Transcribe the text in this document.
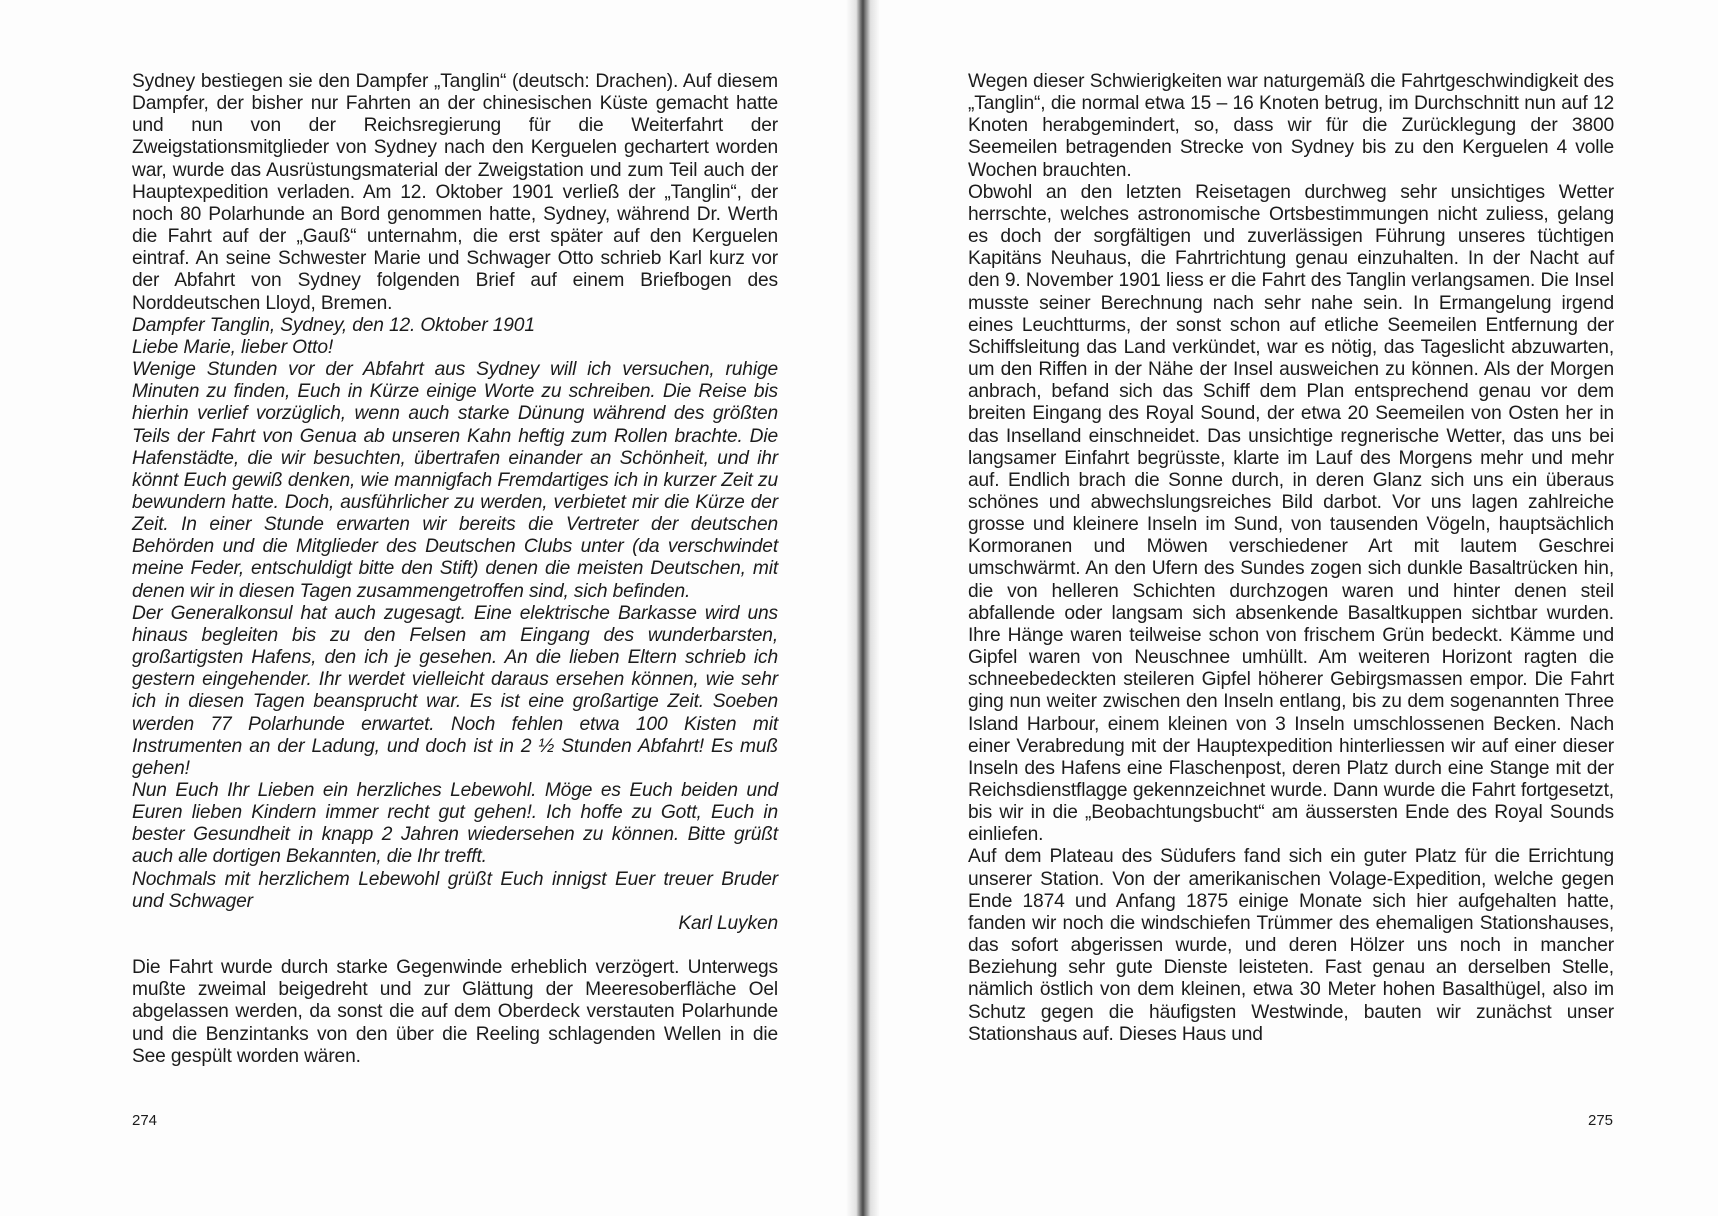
Sydney bestiegen sie den Dampfer „Tanglin“ (deutsch: Drachen). Auf diesem Dampfer, der bisher nur Fahrten an der chinesischen Küste gemacht hatte und nun von der Reichsregierung für die Weiterfahrt der Zweigstationsmitglieder von Sydney nach den Kerguelen gechartert worden war, wurde das Ausrüstungsmaterial der Zweigstation und zum Teil auch der Hauptexpedition verladen. Am 12. Oktober 1901 verließ der „Tanglin“, der noch 80 Polarhunde an Bord genommen hatte, Sydney, während Dr. Werth die Fahrt auf der „Gauß“ unternahm, die erst später auf den Kerguelen eintraf. An seine Schwester Marie und Schwager Otto schrieb Karl kurz vor der Abfahrt von Sydney folgenden Brief auf einem Briefbogen des Norddeutschen Lloyd, Bremen.

Dampfer Tanglin, Sydney, den 12. Oktober 1901

Liebe Marie, lieber Otto!

Wenige Stunden vor der Abfahrt aus Sydney will ich versuchen, ruhige Minuten zu finden, Euch in Kürze einige Worte zu schreiben. Die Reise bis hierhin verlief vorzüglich, wenn auch starke Dünung während des größten Teils der Fahrt von Genua ab unseren Kahn heftig zum Rollen brachte. Die Hafenstädte, die wir besuchten, übertrafen einander an Schönheit, und ihr könnt Euch gewiß denken, wie mannigfach Fremdartiges ich in kurzer Zeit zu bewundern hatte. Doch, ausführlicher zu werden, verbietet mir die Kürze der Zeit. In einer Stunde erwarten wir bereits die Vertreter der deutschen Behörden und die Mitglieder des Deutschen Clubs unter (da verschwindet meine Feder, entschuldigt bitte den Stift) denen die meisten Deutschen, mit denen wir in diesen Tagen zusammengetroffen sind, sich befinden.

Der Generalkonsul hat auch zugesagt. Eine elektrische Barkasse wird uns hinaus begleiten bis zu den Felsen am Eingang des wunderbarsten, großartigsten Hafens, den ich je gesehen. An die lieben Eltern schrieb ich gestern eingehender. Ihr werdet vielleicht daraus ersehen können, wie sehr ich in diesen Tagen beansprucht war. Es ist eine großartige Zeit. Soeben werden 77 Polarhunde erwartet. Noch fehlen etwa 100 Kisten mit Instrumenten an der Ladung, und doch ist in 2 ½ Stunden Abfahrt! Es muß gehen!

Nun Euch Ihr Lieben ein herzliches Lebewohl. Möge es Euch beiden und Euren lieben Kindern immer recht gut gehen!. Ich hoffe zu Gott, Euch in bester Gesundheit in knapp 2 Jahren wiedersehen zu können. Bitte grüßt auch alle dortigen Bekannten, die Ihr trefft.

Nochmals mit herzlichem Lebewohl grüßt Euch innigst Euer treuer Bruder und Schwager

Karl Luyken

Die Fahrt wurde durch starke Gegenwinde erheblich verzögert. Unterwegs mußte zweimal beigedreht und zur Glättung der Meeresoberfläche Oel abgelassen werden, da sonst die auf dem Oberdeck verstauten Polarhunde und die Benzintanks von den über die Reeling schlagenden Wellen in die See gespült worden wären.

274

Wegen dieser Schwierigkeiten war naturgemäß die Fahrtgeschwindigkeit des „Tanglin“, die normal etwa 15 – 16 Knoten betrug, im Durchschnitt nun auf 12 Knoten herabgemindert, so, dass wir für die Zurücklegung der 3800 Seemeilen betragenden Strecke von Sydney bis zu den Kerguelen 4 volle Wochen brauchten.

Obwohl an den letzten Reisetagen durchweg sehr unsichtiges Wetter herrschte, welches astronomische Ortsbestimmungen nicht zuliess, gelang es doch der sorgfältigen und zuverlässigen Führung unseres tüchtigen Kapitäns Neuhaus, die Fahrtrichtung genau einzuhalten. In der Nacht auf den 9. November 1901 liess er die Fahrt des Tanglin verlangsamen. Die Insel musste seiner Berechnung nach sehr nahe sein. In Ermangelung irgend eines Leuchtturms, der sonst schon auf etliche Seemeilen Entfernung der Schiffsleitung das Land verkündet, war es nötig, das Tageslicht abzuwarten, um den Riffen in der Nähe der Insel ausweichen zu können. Als der Morgen anbrach, befand sich das Schiff dem Plan entsprechend genau vor dem breiten Eingang des Royal Sound, der etwa 20 Seemeilen von Osten her in das Inselland einschneidet. Das unsichtige regnerische Wetter, das uns bei langsamer Einfahrt begrüsste, klarte im Lauf des Morgens mehr und mehr auf. Endlich brach die Sonne durch, in deren Glanz sich uns ein überaus schönes und abwechslungsreiches Bild darbot. Vor uns lagen zahlreiche grosse und kleinere Inseln im Sund, von tausenden Vögeln, hauptsächlich Kormoranen und Möwen verschiedener Art mit lautem Geschrei umschwärmt. An den Ufern des Sundes zogen sich dunkle Basaltrücken hin, die von helleren Schichten durchzogen waren und hinter denen steil abfallende oder langsam sich absenkende Basaltkuppen sichtbar wurden. Ihre Hänge waren teilweise schon von frischem Grün bedeckt. Kämme und Gipfel waren von Neuschnee umhüllt. Am weiteren Horizont ragten die schneebedeckten steileren Gipfel höherer Gebirgsmassen empor. Die Fahrt ging nun weiter zwischen den Inseln entlang, bis zu dem sogenannten Three Island Harbour, einem kleinen von 3 Inseln umschlossenen Becken. Nach einer Verabredung mit der Hauptexpedition hinterliessen wir auf einer dieser Inseln des Hafens eine Flaschenpost, deren Platz durch eine Stange mit der Reichsdienstflagge gekennzeichnet wurde. Dann wurde die Fahrt fortgesetzt, bis wir in die „Beobachtungsbucht“ am äussersten Ende des Royal Sounds einliefen.

Auf dem Plateau des Südufers fand sich ein guter Platz für die Errichtung unserer Station. Von der amerikanischen Volage-Expedition, welche gegen Ende 1874 und Anfang 1875 einige Monate sich hier aufgehalten hatte, fanden wir noch die windschiefen Trümmer des ehemaligen Stationshauses, das sofort abgerissen wurde, und deren Hölzer uns noch in mancher Beziehung sehr gute Dienste leisteten. Fast genau an derselben Stelle, nämlich östlich von dem kleinen, etwa 30 Meter hohen Basalthügel, also im Schutz gegen die häufigsten Westwinde, bauten wir zunächst unser Stationshaus auf. Dieses Haus und

275
